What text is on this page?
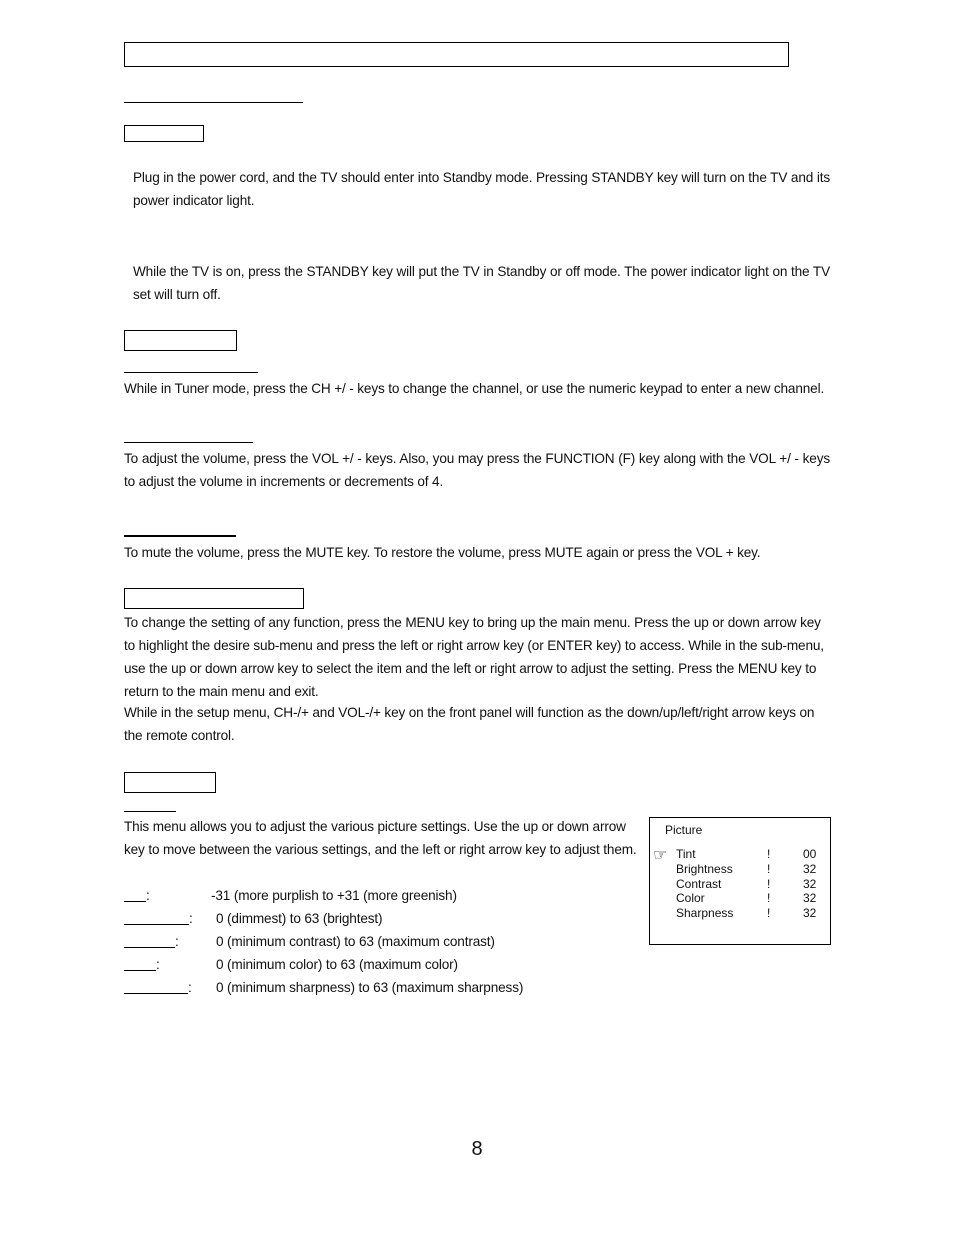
Plug in the power cord, and the TV should enter into Standby mode. Pressing STANDBY key will turn on the TV and its power indicator light.

While the TV is on, press the STANDBY key will put the TV in Standby or off mode. The power indicator light on the TV set will turn off.

While in Tuner mode, press the CH +/ - keys to change the channel, or use the numeric keypad to enter a new channel.

To adjust the volume, press the VOL +/ - keys. Also, you may press the FUNCTION (F) key along with the VOL +/ - keys to adjust the volume in increments or decrements of 4.

To mute the volume, press the MUTE key. To restore the volume, press MUTE again or press the VOL + key.

To change the setting of any function, press the MENU key to bring up the main menu. Press the up or down arrow key to highlight the desire sub-menu and press the left or right arrow key (or ENTER key) to access. While in the sub-menu, use the up or down arrow key to select the item and the left or right arrow to adjust the setting. Press the MENU key to return to the main menu and exit.

While in the setup menu, CH-/+ and VOL-/+ key on the front panel will function as the down/up/left/right arrow keys on the remote control.

This menu allows you to adjust the various picture settings. Use the up or down arrow key to move between the various settings, and the left or right arrow key to adjust them.

:	-31 (more purplish to +31 (more greenish)
: 0 (dimmest) to 63 (brightest)
:	0 (minimum contrast) to 63 (maximum contrast)
:	0 (minimum color) to 63 (maximum color)
: 0 (minimum sharpness) to 63 (maximum sharpness)
Picture
☞ Tint	!	00
Brightness	!	32
Contrast	!	32
Color	!	32
Sharpness	!	32
8
